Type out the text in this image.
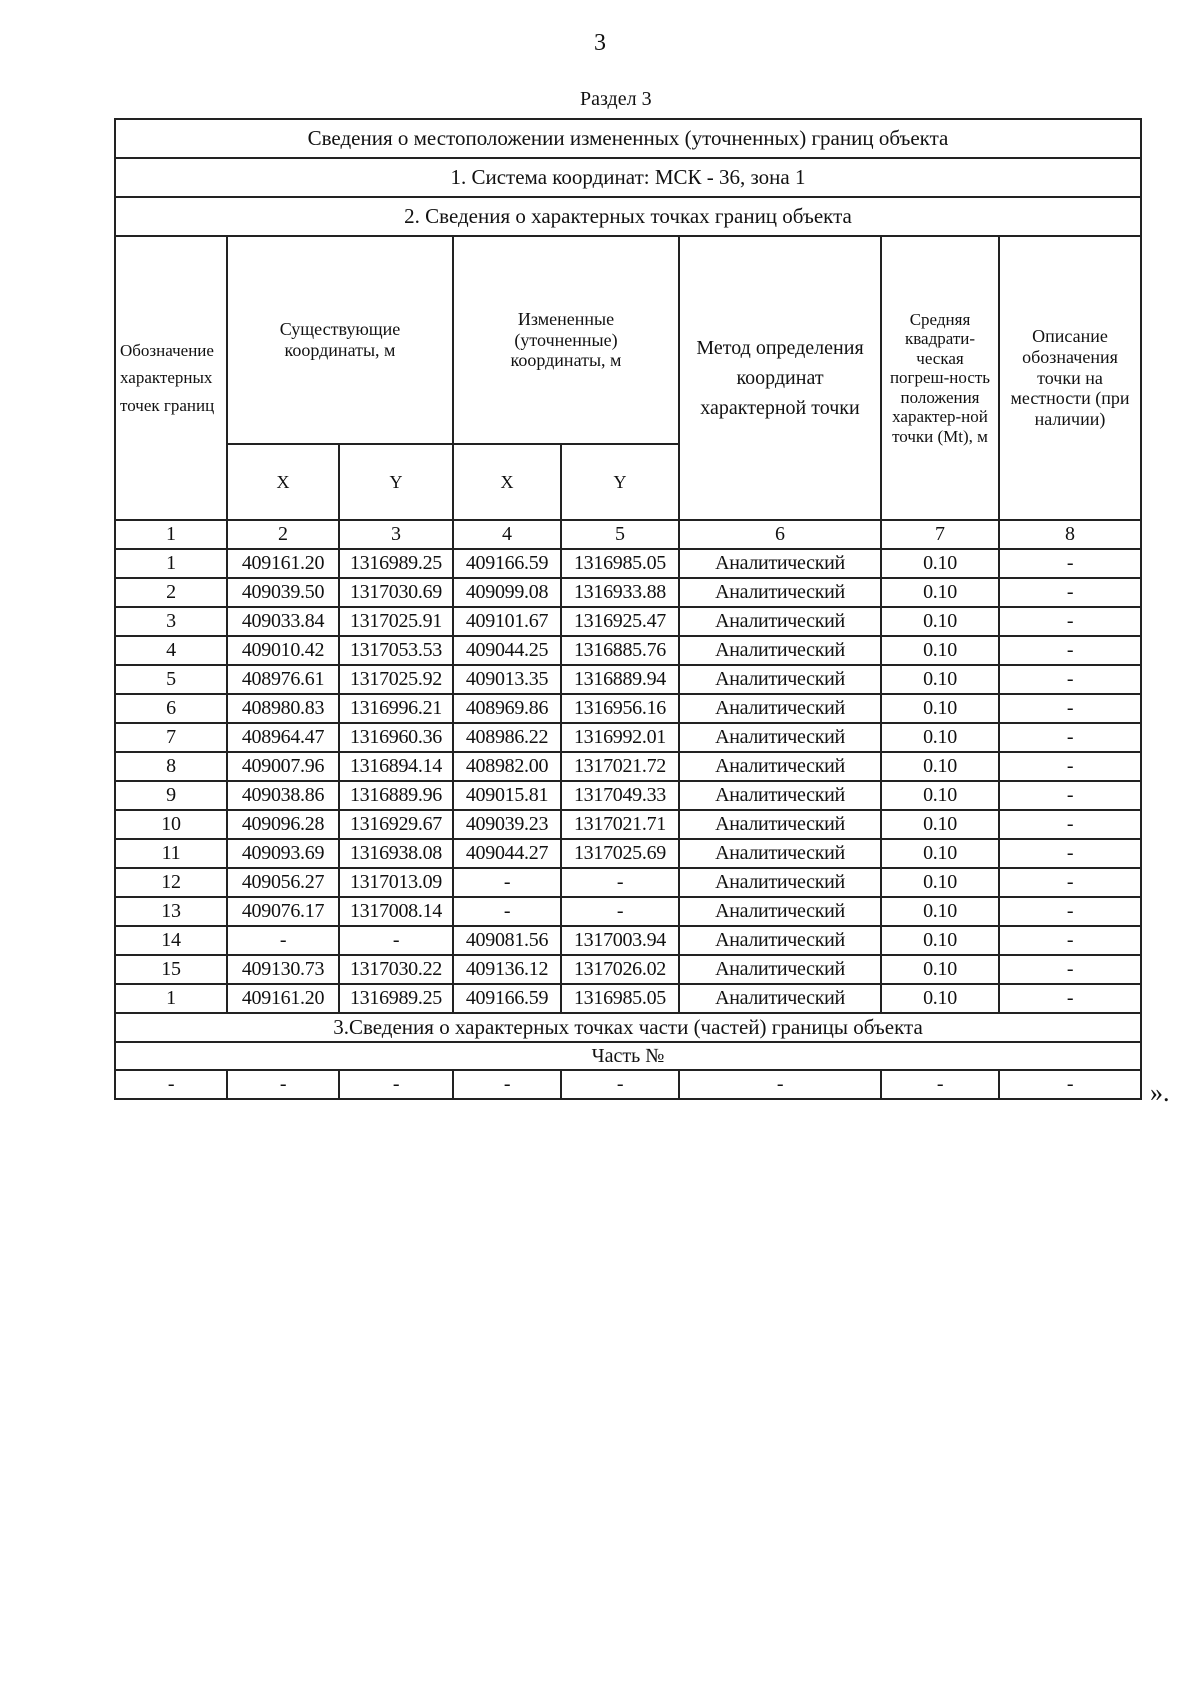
3
Раздел 3
Сведения о местоположении измененных (уточненных) границ объекта							
1. Система координат: МСК - 36, зона 1							
2. Сведения о характерных точках границ объекта							
Обозначение характерных точек границ	Существующие координаты, м		Измененные (уточненные) координаты, м		Метод определения координат характерной точки	Средняя квадрати-ческая погреш-ность положения характер-ной точки (Mt), м	Описание обозначения точки на местности (при наличии)
	X	Y	X	Y			
1	2	3	4	5	6	7	8
1	409161.20	1316989.25	409166.59	1316985.05	Аналитический	0.10	-
2	409039.50	1317030.69	409099.08	1316933.88	Аналитический	0.10	-
3	409033.84	1317025.91	409101.67	1316925.47	Аналитический	0.10	-
4	409010.42	1317053.53	409044.25	1316885.76	Аналитический	0.10	-
5	408976.61	1317025.92	409013.35	1316889.94	Аналитический	0.10	-
6	408980.83	1316996.21	408969.86	1316956.16	Аналитический	0.10	-
7	408964.47	1316960.36	408986.22	1316992.01	Аналитический	0.10	-
8	409007.96	1316894.14	408982.00	1317021.72	Аналитический	0.10	-
9	409038.86	1316889.96	409015.81	1317049.33	Аналитический	0.10	-
10	409096.28	1316929.67	409039.23	1317021.71	Аналитический	0.10	-
11	409093.69	1316938.08	409044.27	1317025.69	Аналитический	0.10	-
12	409056.27	1317013.09	-	-	Аналитический	0.10	-
13	409076.17	1317008.14	-	-	Аналитический	0.10	-
14	-	-	409081.56	1317003.94	Аналитический	0.10	-
15	409130.73	1317030.22	409136.12	1317026.02	Аналитический	0.10	-
1	409161.20	1316989.25	409166.59	1316985.05	Аналитический	0.10	-
3.Сведения о характерных точках части (частей) границы объекта							
Часть №							
-	-	-	-	-	-	-	-	».
